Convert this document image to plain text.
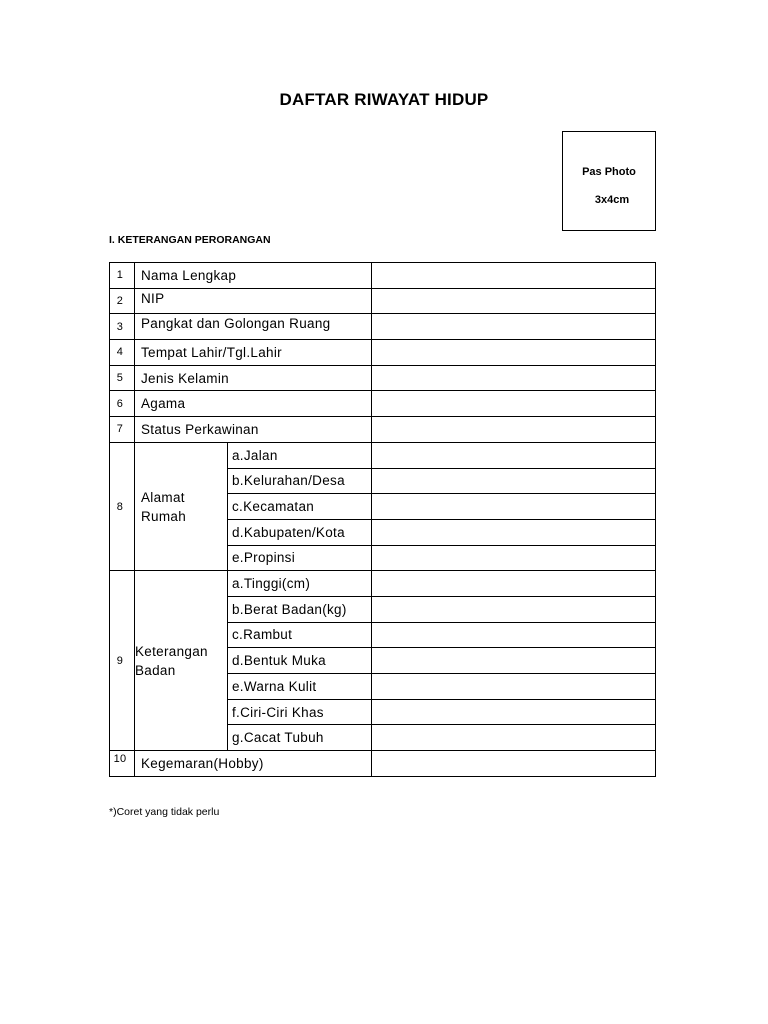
DAFTAR RIWAYAT HIDUP
Pas Photo
3x4cm
I. KETERANGAN PERORANGAN
1	Nama Lengkap		
2	NIP		
3	Pangkat dan Golongan Ruang		
4	Tempat Lahir/Tgl.Lahir		
5	Jenis Kelamin		
6	Agama		
7	Status Perkawinan		
8	Alamat Rumah	a.Jalan	
		b.Kelurahan/Desa	
		c.Kecamatan	
		d.Kabupaten/Kota	
		e.Propinsi	
9	Keterangan Badan	a.Tinggi(cm)	
		b.Berat Badan(kg)	
		c.Rambut	
		d.Bentuk Muka	
		e.Warna Kulit	
		f.Ciri-Ciri Khas	
		g.Cacat Tubuh	
10	Kegemaran(Hobby)		
*)Coret yang tidak perlu
